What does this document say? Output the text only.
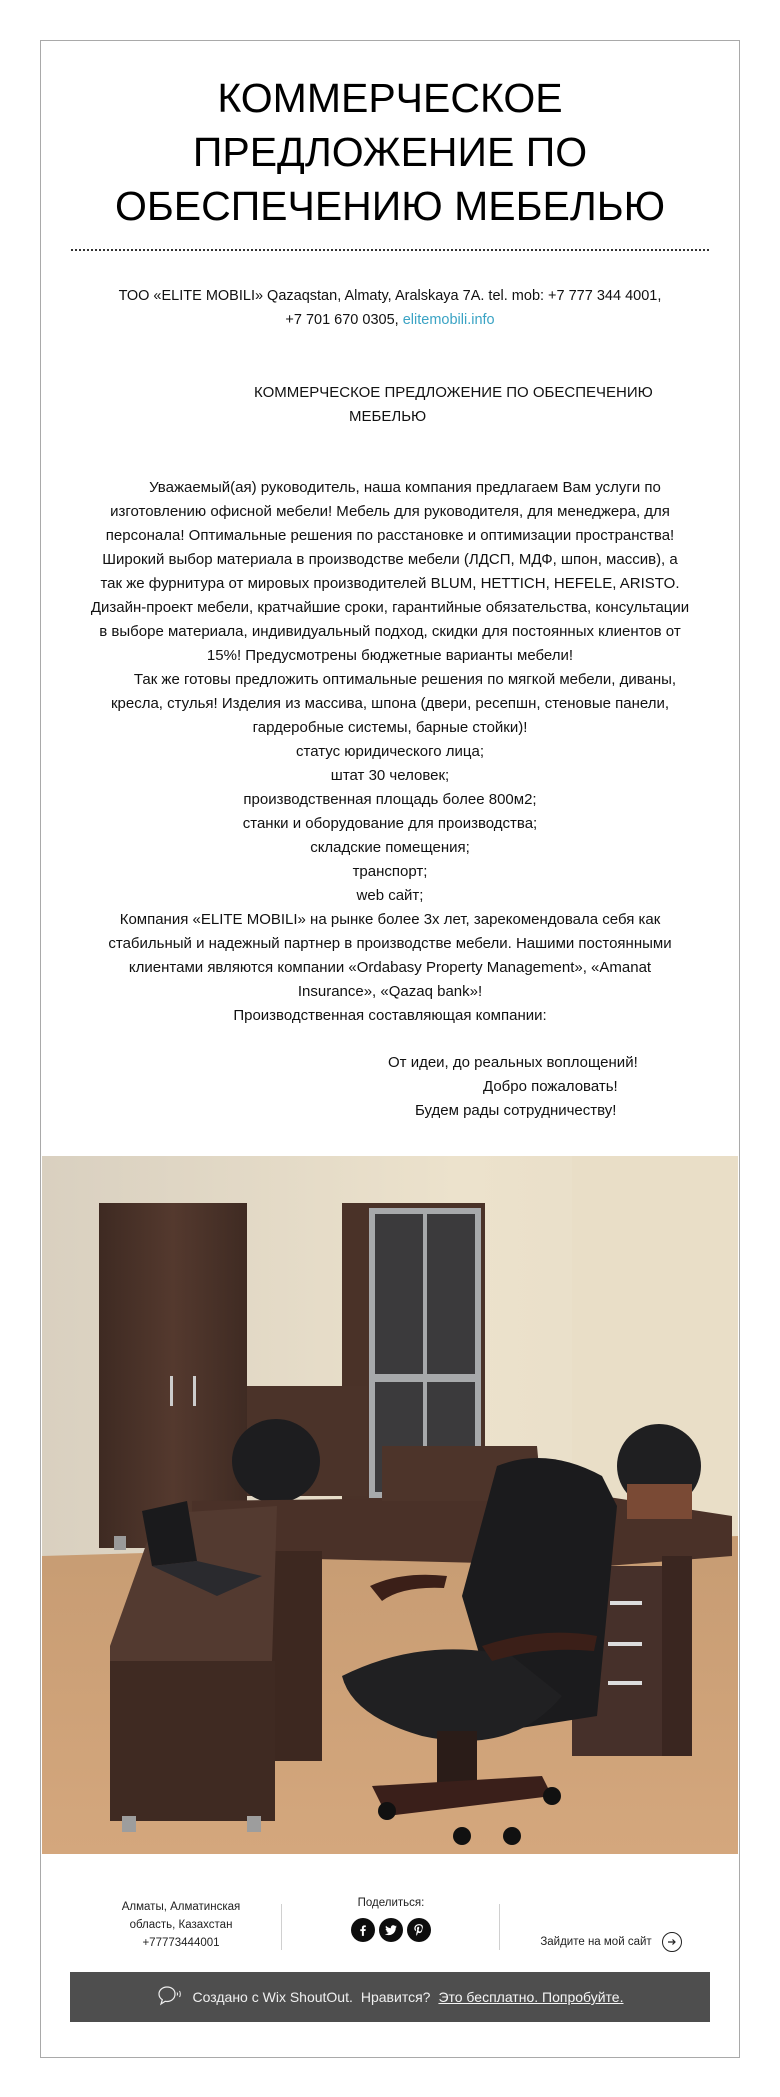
КОММЕРЧЕСКОЕ
ПРЕДЛОЖЕНИЕ ПО
ОБЕСПЕЧЕНИЮ МЕБЕЛЬЮ
ТОО «ELITE MOBILI» Qazaqstan, Almaty, Aralskaya 7A. tel. mob: +7 777 344 4001,
+7 701 670 0305, elitemobili.info
КОММЕРЧЕСКОЕ ПРЕДЛОЖЕНИЕ ПО ОБЕСПЕЧЕНИЮ
МЕБЕЛЬЮ
Уважаемый(ая) руководитель, наша компания предлагаем Вам услуги по
изготовлению офисной мебели! Мебель для руководителя, для менеджера, для
персонала! Оптимальные решения по расстановке и оптимизации пространства!
Широкий выбор материала в производстве мебели (ЛДСП, МДФ, шпон, массив), а
так же фурнитура от мировых производителей BLUM, HETTICH, HEFELE, ARISTO.
Дизайн-проект мебели, кратчайшие сроки, гарантийные обязательства, консультации
в выборе материала, индивидуальный подход, скидки для постоянных клиентов от
15%! Предусмотрены бюджетные варианты мебели!
Так же готовы предложить оптимальные решения по мягкой мебели, диваны,
кресла, стулья! Изделия из массива, шпона (двери, ресепшн, стеновые панели,
гардеробные системы, барные стойки)!
статус юридического лица;
штат 30 человек;
производственная площадь более 800м2;
станки и оборудование для производства;
складские помещения;
транспорт;
web сайт;
Компания «ELITE MOBILI» на рынке более 3х лет, зарекомендовала себя как
стабильный и надежный партнер в производстве мебели. Нашими постоянными
клиентами являются компании «Ordabasy Property Management», «Amanat
Insurance», «Qazaq bank»!
Производственная составляющая компании:
От идеи, до реальных воплощений!
Добро пожаловать!
Будем рады сотрудничеству!
Алматы, Алматинская
область, Казахстан
+77773444001
Поделиться:
Зайдите на мой сайт
Создано с Wix ShoutOut. Нравится? Это бесплатно. Попробуйте.
